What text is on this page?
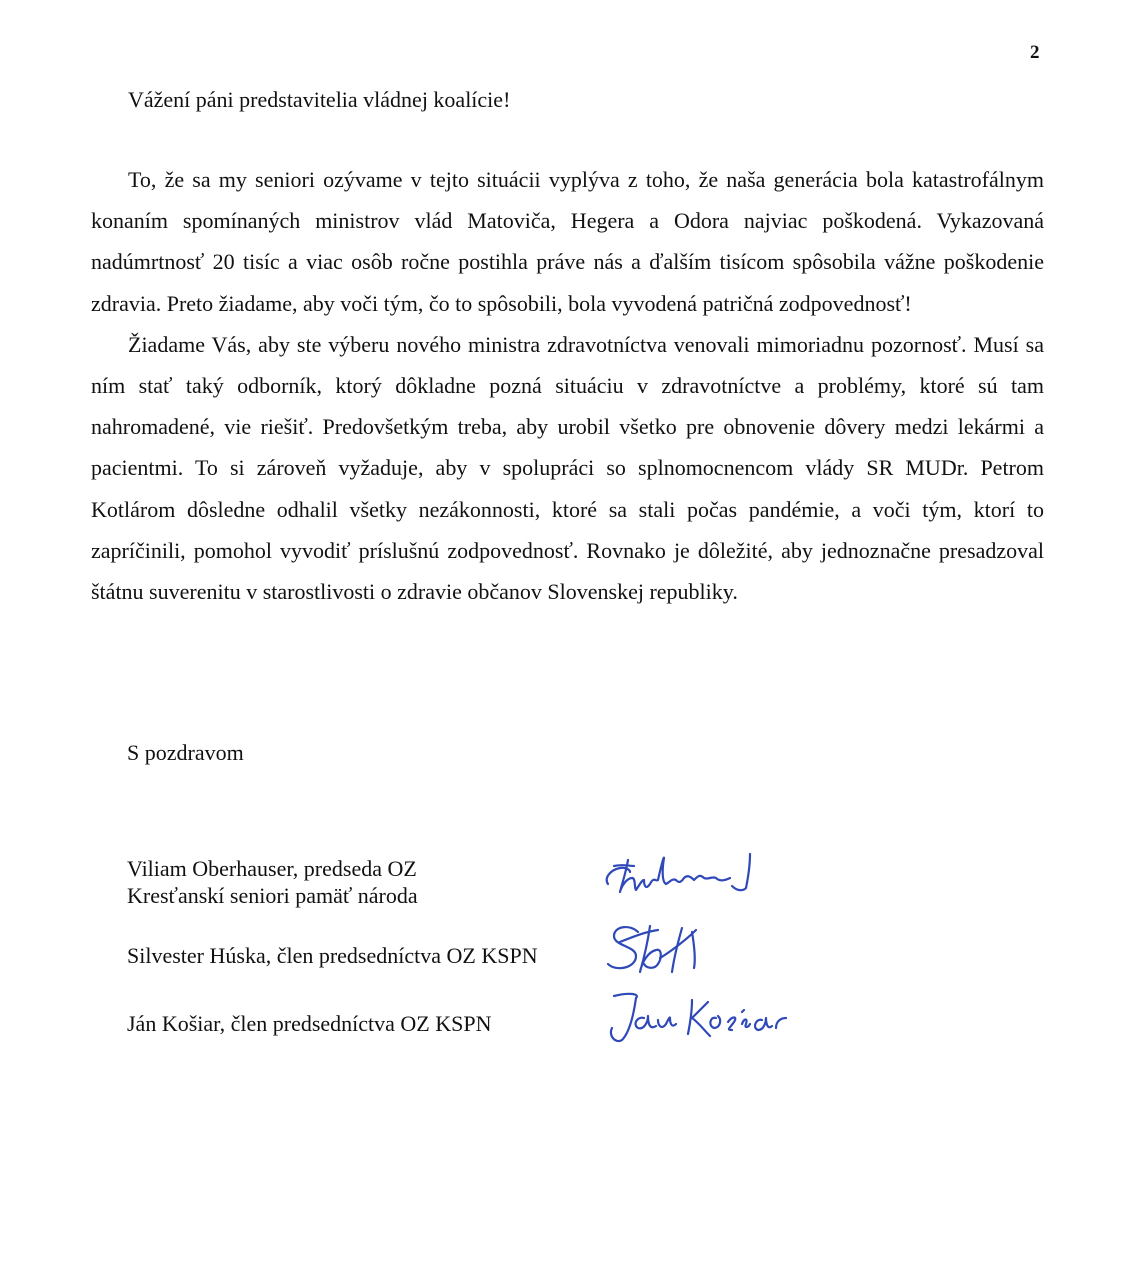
2
Vážení páni predstavitelia vládnej koalície!

To, že sa my seniori ozývame v tejto situácii vyplýva z toho, že naša generácia bola katastrofálnym konaním spomínaných ministrov vlád Matoviča, Hegera a Odora najviac poškodená. Vykazovaná nadúmrtnosť 20 tisíc a viac osôb ročne postihla práve nás a ďalším tisícom spôsobila vážne poškodenie zdravia. Preto žiadame, aby voči tým, čo to spôsobili, bola vyvodená patričná zodpovednosť!

Žiadame Vás, aby ste výberu nového ministra zdravotníctva venovali mimoriadnu pozornosť. Musí sa ním stať taký odborník, ktorý dôkladne pozná situáciu v zdravotníctve a problémy, ktoré sú tam nahromadené, vie riešiť. Predovšetkým treba, aby urobil všetko pre obnovenie dôvery medzi lekármi a pacientmi. To si zároveň vyžaduje, aby v spolupráci so splnomocnencom vlády SR MUDr. Petrom Kotlárom dôsledne odhalil všetky nezákonnosti, ktoré sa stali počas pandémie, a voči tým, ktorí to zapríčinili, pomohol vyvodiť príslušnú zodpovednosť. Rovnako je dôležité, aby jednoznačne presadzoval štátnu suverenitu v starostlivosti o zdravie občanov Slovenskej republiky.

S pozdravom
Viliam Oberhauser, predseda OZ
Kresťanskí seniori pamäť národa
Silvester Húska, člen predsedníctva OZ KSPN
Ján Košiar, člen predsedníctva OZ KSPN
